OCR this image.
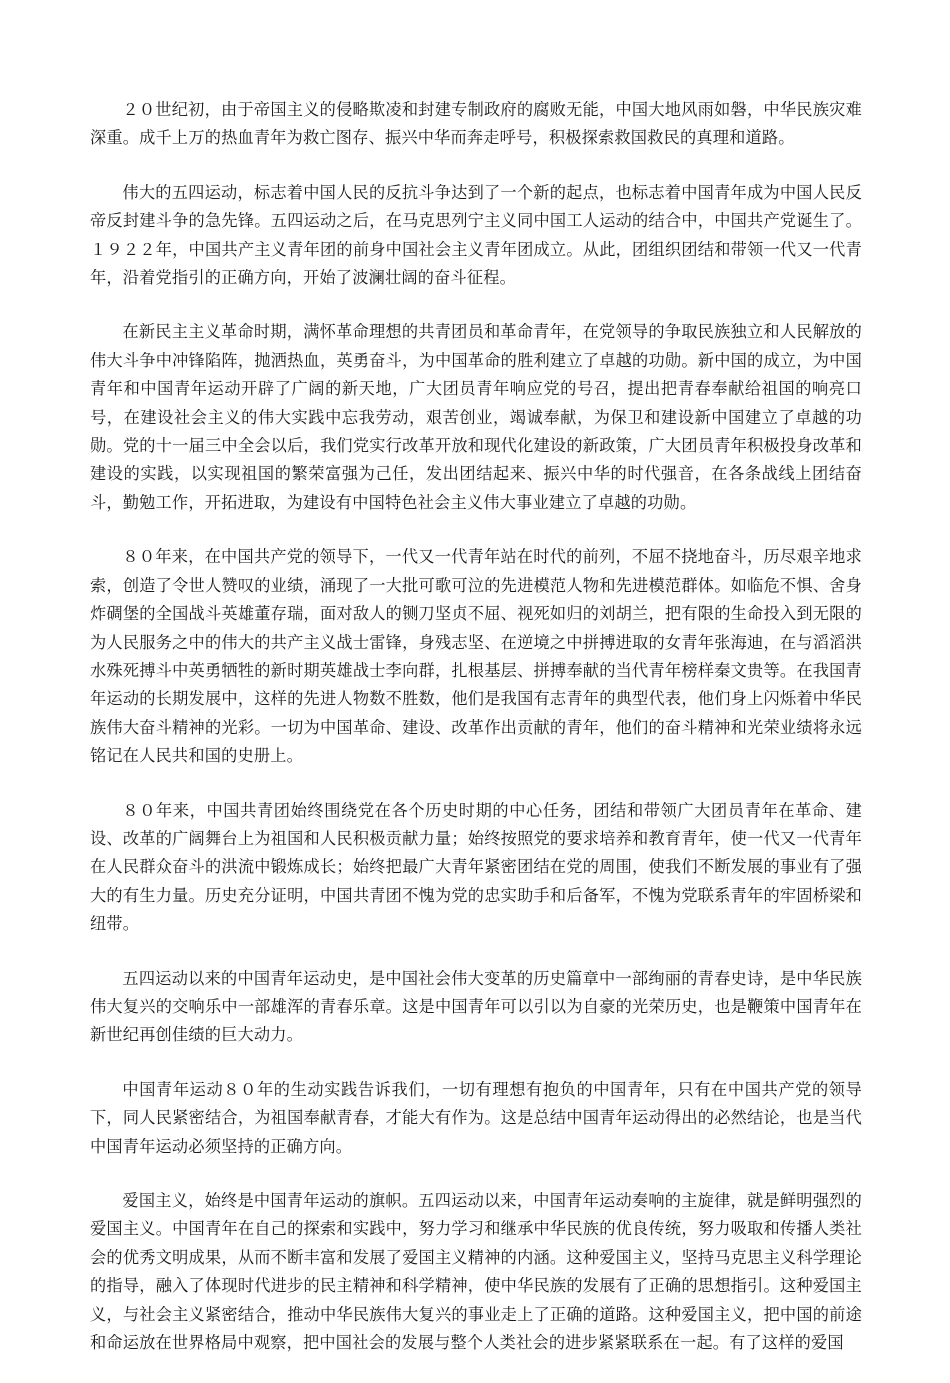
２０世纪初，由于帝国主义的侵略欺凌和封建专制政府的腐败无能，中国大地风雨如磐，中华民族灾难深重。成千上万的热血青年为救亡图存、振兴中华而奔走呼号，积极探索救国救民的真理和道路。

伟大的五四运动，标志着中国人民的反抗斗争达到了一个新的起点，也标志着中国青年成为中国人民反帝反封建斗争的急先锋。五四运动之后，在马克思列宁主义同中国工人运动的结合中，中国共产党诞生了。１９２２年，中国共产主义青年团的前身中国社会主义青年团成立。从此，团组织团结和带领一代又一代青年，沿着党指引的正确方向，开始了波澜壮阔的奋斗征程。

在新民主主义革命时期，满怀革命理想的共青团员和革命青年，在党领导的争取民族独立和人民解放的伟大斗争中冲锋陷阵，抛洒热血，英勇奋斗，为中国革命的胜利建立了卓越的功勋。新中国的成立，为中国青年和中国青年运动开辟了广阔的新天地，广大团员青年响应党的号召，提出把青春奉献给祖国的响亮口号，在建设社会主义的伟大实践中忘我劳动，艰苦创业，竭诚奉献，为保卫和建设新中国建立了卓越的功勋。党的十一届三中全会以后，我们党实行改革开放和现代化建设的新政策，广大团员青年积极投身改革和建设的实践，以实现祖国的繁荣富强为己任，发出团结起来、振兴中华的时代强音，在各条战线上团结奋斗，勤勉工作，开拓进取，为建设有中国特色社会主义伟大事业建立了卓越的功勋。

８０年来，在中国共产党的领导下，一代又一代青年站在时代的前列，不屈不挠地奋斗，历尽艰辛地求索，创造了令世人赞叹的业绩，涌现了一大批可歌可泣的先进模范人物和先进模范群体。如临危不惧、舍身炸碉堡的全国战斗英雄董存瑞，面对敌人的铡刀坚贞不屈、视死如归的刘胡兰，把有限的生命投入到无限的为人民服务之中的伟大的共产主义战士雷锋，身残志坚、在逆境之中拼搏进取的女青年张海迪，在与滔滔洪水殊死搏斗中英勇牺牲的新时期英雄战士李向群，扎根基层、拼搏奉献的当代青年榜样秦文贵等。在我国青年运动的长期发展中，这样的先进人物数不胜数，他们是我国有志青年的典型代表，他们身上闪烁着中华民族伟大奋斗精神的光彩。一切为中国革命、建设、改革作出贡献的青年，他们的奋斗精神和光荣业绩将永远铭记在人民共和国的史册上。

８０年来，中国共青团始终围绕党在各个历史时期的中心任务，团结和带领广大团员青年在革命、建设、改革的广阔舞台上为祖国和人民积极贡献力量；始终按照党的要求培养和教育青年，使一代又一代青年在人民群众奋斗的洪流中锻炼成长；始终把最广大青年紧密团结在党的周围，使我们不断发展的事业有了强大的有生力量。历史充分证明，中国共青团不愧为党的忠实助手和后备军，不愧为党联系青年的牢固桥梁和纽带。

五四运动以来的中国青年运动史，是中国社会伟大变革的历史篇章中一部绚丽的青春史诗，是中华民族伟大复兴的交响乐中一部雄浑的青春乐章。这是中国青年可以引以为自豪的光荣历史，也是鞭策中国青年在新世纪再创佳绩的巨大动力。

中国青年运动８０年的生动实践告诉我们，一切有理想有抱负的中国青年，只有在中国共产党的领导下，同人民紧密结合，为祖国奉献青春，才能大有作为。这是总结中国青年运动得出的必然结论，也是当代中国青年运动必须坚持的正确方向。

爱国主义，始终是中国青年运动的旗帜。五四运动以来，中国青年运动奏响的主旋律，就是鲜明强烈的爱国主义。中国青年在自己的探索和实践中，努力学习和继承中华民族的优良传统，努力吸取和传播人类社会的优秀文明成果，从而不断丰富和发展了爱国主义精神的内涵。这种爱国主义，坚持马克思主义科学理论的指导，融入了体现时代进步的民主精神和科学精神，使中华民族的发展有了正确的思想指引。这种爱国主义，与社会主义紧密结合，推动中华民族伟大复兴的事业走上了正确的道路。这种爱国主义，把中国的前途和命运放在世界格局中观察，把中国社会的发展与整个人类社会的进步紧紧联系在一起。有了这样的爱国
